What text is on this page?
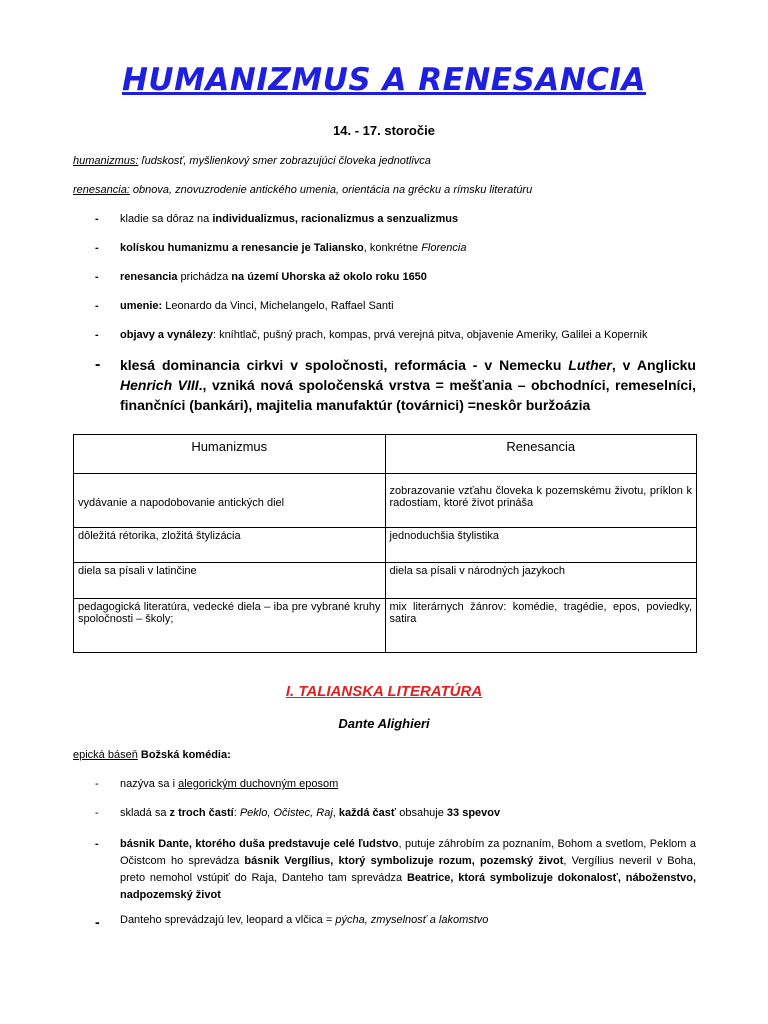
HUMANIZMUS A RENESANCIA
14. - 17. storočie
humanizmus: ľudskosť, myšlienkový smer zobrazujúci človeka jednotlivca
renesancia: obnova, znovuzrodenie antického umenia, orientácia na grécku a rímsku literatúru
- kladie sa dôraz na individualizmus, racionalizmus a senzualizmus
- kolískou humanizmu a renesancie je Taliansko, konkrétne Florencia
- renesancia prichádza na území Uhorska až okolo roku 1650
- umenie: Leonardo da Vinci, Michelangelo, Raffael Santi
- objavy a vynálezy: kníhtlač, pušný prach, kompas, prvá verejná pitva, objavenie Ameriky, Galilei a Kopernik
- klesá dominancia cirkvi v spoločnosti, reformácia - v Nemecku Luther, v Anglicku Henrich VIII., vzniká nová spoločenská vrstva = mešťania – obchodníci, remeselníci, finančníci (bankári), majitelia manufaktúr (továrnici) =neskôr buržoázia
Humanizmus	Renesancia
vydávanie a napodobovanie antických diel	zobrazovanie vzťahu človeka k pozemskému životu, príklon k radostiam, ktoré život prináša
dôležitá rétorika, zložitá štylizácia	jednoduchšia štylistika
diela sa písali v latinčine	diela sa písali v národných jazykoch
pedagogická literatúra, vedecké diela – iba pre vybrané kruhy spoločnosti – školy;	mix literárnych žánrov: komédie, tragédie, epos, poviedky, satira
I. TALIANSKA LITERATÚRA
Dante Alighieri
epická báseň Božská komédia:
- nazýva sa i alegorickým duchovným eposom
- skladá sa z troch častí: Peklo, Očistec, Raj, každá časť obsahuje 33 spevov
- básnik Dante, ktorého duša predstavuje celé ľudstvo, putuje záhrobím za poznaním, Bohom a svetlom, Peklom a Očistcom ho sprevádza básnik Vergílius, ktorý symbolizuje rozum, pozemský život, Vergílius neveril v Boha, preto nemohol vstúpiť do Raja, Danteho tam sprevádza Beatrice, ktorá symbolizuje dokonalosť, náboženstvo, nadpozemský život
- Danteho sprevádzajú lev, leopard a vlčica = pýcha, zmyselnosť a lakomstvo
